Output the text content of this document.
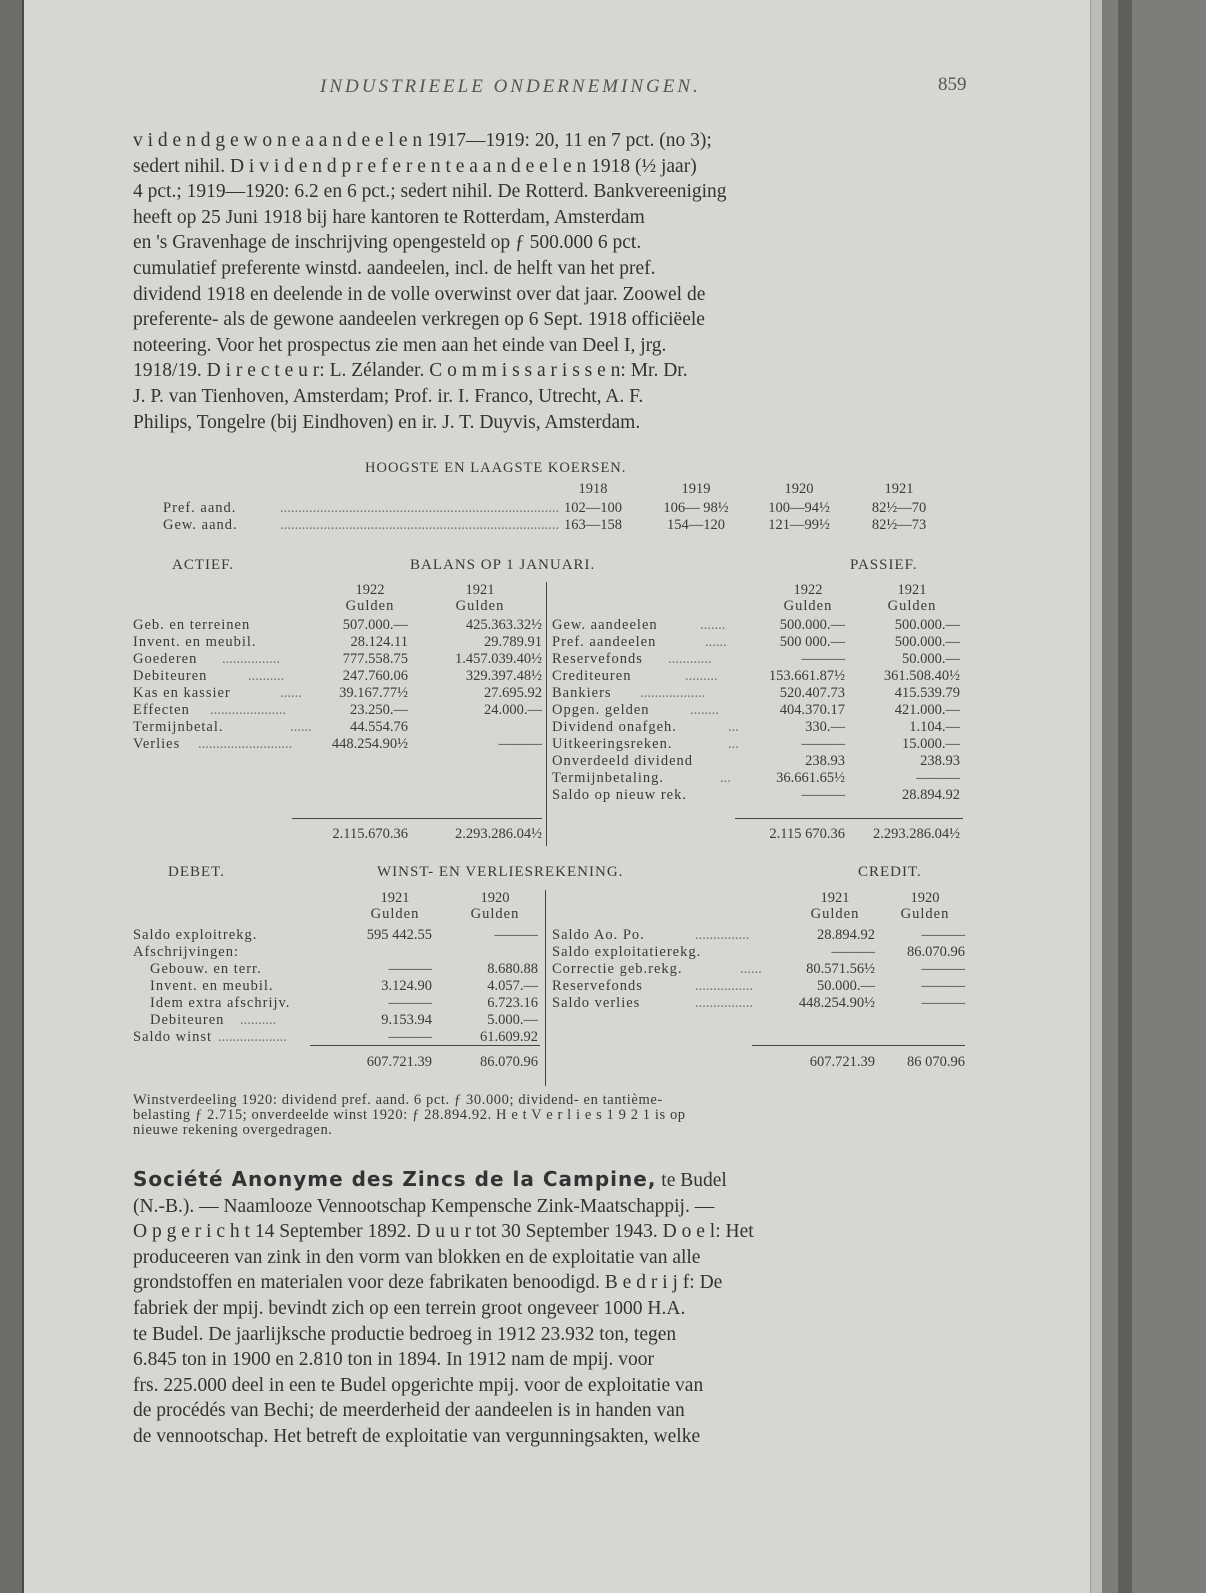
INDUSTRIEELE ONDERNEMINGEN.	859
v i d e n d g e w o n e a a n d e e l e n 1917—1919: 20, 11 en 7 pct. (no 3);
sedert nihil. D i v i d e n d p r e f e r e n t e a a n d e e l e n 1918 (½ jaar)
4 pct.; 1919—1920: 6.2 en 6 pct.; sedert nihil. De Rotterd. Bankvereeniging
heeft op 25 Juni 1918 bij hare kantoren te Rotterdam, Amsterdam
en 's Gravenhage de inschrijving opengesteld op ƒ 500.000 6 pct.
cumulatief preferente winstd. aandeelen, incl. de helft van het pref.
dividend 1918 en deelende in de volle overwinst over dat jaar. Zoowel de
preferente- als de gewone aandeelen verkregen op 6 Sept. 1918 officiëele
noteering. Voor het prospectus zie men aan het einde van Deel I, jrg.
1918/19. D i r e c t e u r: L. Zélander. C o m m i s s a r i s s e n: Mr. Dr.
J. P. van Tienhoven, Amsterdam; Prof. ir. I. Franco, Utrecht, A. F.
Philips, Tongelre (bij Eindhoven) en ir. J. T. Duyvis, Amsterdam.
HOOGSTE EN LAAGSTE KOERSEN.
1918	1919	1920	1921
Pref. aand.	............................................................................. 102—100	106— 98½	100—94½	82½—70
Gew. aand.	............................................................................. 163—158	154—120	121—99½	82½—73
ACTIEF.	BALANS OP 1 JANUARI.	PASSIEF.
1922	1921
Gulden	Gulden
1922	1921
Gulden	Gulden
Geb. en terreinen	507.000.—	425.363.32½
Invent. en meubil.	28.124.11	29.789.91
Goederen ................	777.558.75	1.457.039.40½
Debiteuren	..........	247.760.06	329.397.48½
Kas en kassier	......	39.167.77½	27.695.92
Effecten .....................	23.250.—	24.000.—
Termijnbetal.	......	44.554.76
Verlies ..........................	448.254.90½	———
Gew. aandeelen	.......	500.000.—	500.000.—
Pref. aandeelen	......	500 000.—	500.000.—
Reservefonds ............	———	50.000.—
Crediteuren	.........	153.661.87½	361.508.40½
Bankiers ..................	520.407.73	415.539.79
Opgen. gelden	........	404.370.17	421.000.—
Dividend onafgeh.	...	330.—	1.104.—
Uitkeeringsreken.	...	———	15.000.—
Onverdeeld dividend	238.93	238.93
Termijnbetaling.	...	36.661.65½	———
Saldo op nieuw rek.	———	28.894.92
2.115.670.36	2.293.286.04½	2.115 670.36	2.293.286.04½
DEBET.	WINST- EN VERLIESREKENING.	CREDIT.
1921	1920
Gulden	Gulden
1921	1920
Gulden	Gulden
Saldo exploitrekg.	595 442.55	———
Afschrijvingen:
Gebouw. en terr.	———	8.680.88
Invent. en meubil.	3.124.90	4.057.—
Idem extra afschrijv.	———	6.723.16
Debiteuren ..........	9.153.94	5.000.—
Saldo winst ...................	———	61.609.92
Saldo Ao. Po.	...............	28.894.92	———
Saldo exploitatierekg.	———	86.070.96
Correctie geb.rekg.	......	80.571.56½	———
Reservefonds	................	50.000.—	———
Saldo verlies	................	448.254.90½	———
607.721.39	86.070.96	607.721.39	86 070.96
Winstverdeeling 1920: dividend pref. aand. 6 pct. ƒ 30.000; dividend- en tantième-
belasting ƒ 2.715; onverdeelde winst 1920: ƒ 28.894.92. H e t V e r l i e s 1 9 2 1 is op
nieuwe rekening overgedragen.
Société Anonyme des Zincs de la Campine, te Budel
(N.-B.). — Naamlooze Vennootschap Kempensche Zink-Maatschappij. —
O p g e r i c h t 14 September 1892. D u u r tot 30 September 1943. D o e l: Het
produceeren van zink in den vorm van blokken en de exploitatie van alle
grondstoffen en materialen voor deze fabrikaten benoodigd. B e d r i j f: De
fabriek der mpij. bevindt zich op een terrein groot ongeveer 1000 H.A.
te Budel. De jaarlijksche productie bedroeg in 1912 23.932 ton, tegen
6.845 ton in 1900 en 2.810 ton in 1894. In 1912 nam de mpij. voor
frs. 225.000 deel in een te Budel opgerichte mpij. voor de exploitatie van
de procédés van Bechi; de meerderheid der aandeelen is in handen van
de vennootschap. Het betreft de exploitatie van vergunningsakten, welke
